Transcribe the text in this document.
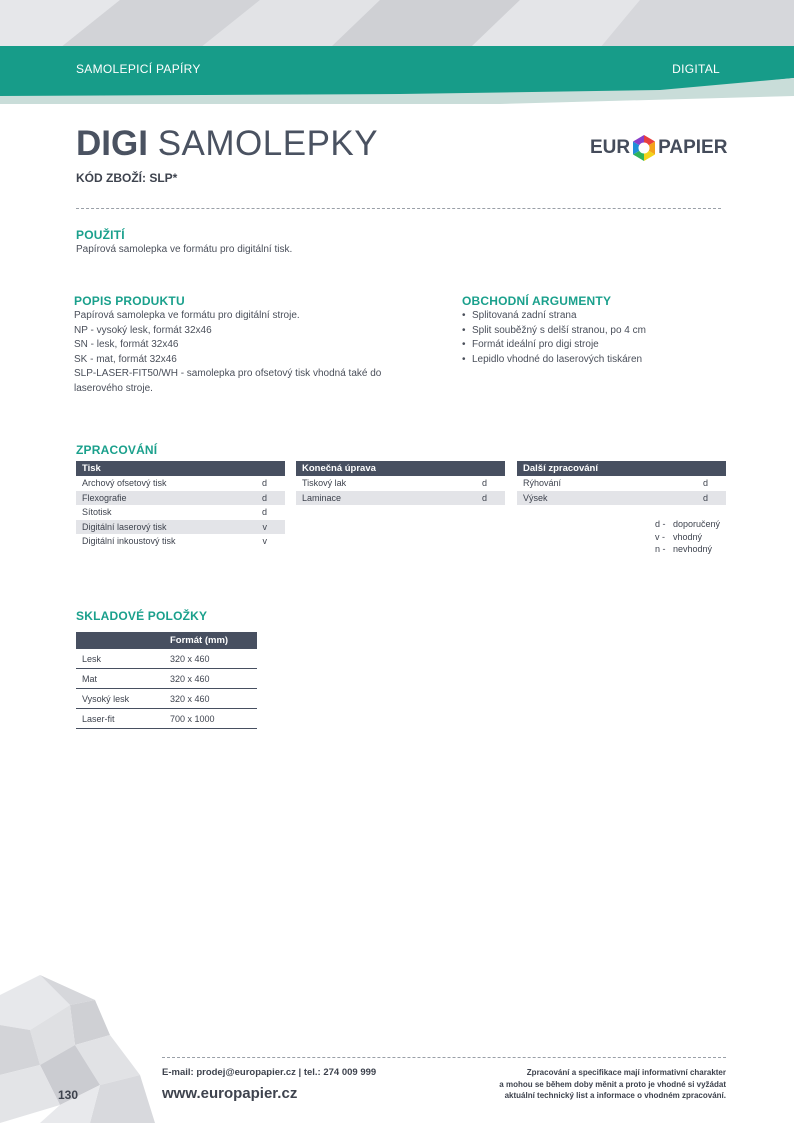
SAMOLEPICÍ PAPÍRY	DIGITAL
DIGI SAMOLEPKY
KÓD ZBOŽÍ: SLP*
EUR PAPIER
POUŽITÍ
Papírová samolepka ve formátu pro digitální tisk.
POPIS PRODUKTU
Papírová samolepka ve formátu pro digitální stroje.
NP - vysoký lesk, formát 32x46
SN - lesk, formát 32x46
SK - mat, formát 32x46
SLP-LASER-FIT50/WH - samolepka pro ofsetový tisk vhodná také do
laserového stroje.
OBCHODNÍ ARGUMENTY
• Splitovaná zadní strana
• Split souběžný s delší stranou, po 4 cm
• Formát ideální pro digi stroje
• Lepidlo vhodné do laserových tiskáren
ZPRACOVÁNÍ
Tisk	
Archový ofsetový tisk	d
Flexografie	d
Sítotisk	d
Digitální laserový tisk	v
Digitální inkoustový tisk	v
Konečná úprava	
Tiskový lak	d
Laminace	d
Další zpracování	
Rýhování	d
Výsek	d
d - doporučený
v - vhodný
n - nevhodný
SKLADOVÉ POLOŽKY
	Formát (mm)
Lesk	320 x 460
Mat	320 x 460
Vysoký lesk	320 x 460
Laser-fit	700 x 1000
130
E-mail: prodej@europapier.cz | tel.: 274 009 999
www.europapier.cz
Zpracování a specifikace mají informativní charakter
a mohou se během doby měnit a proto je vhodné si vyžádat
aktuální technický list a informace o vhodném zpracování.
